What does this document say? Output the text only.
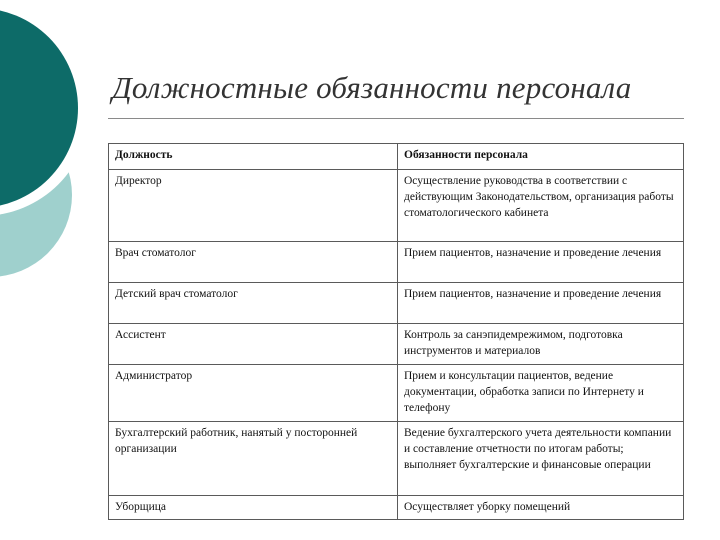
Должностные обязанности персонала
Должность	Обязанности персонала
Директор	Осуществление руководства в соответствии с действующим Законодательством, организация работы стоматологического кабинета
Врач стоматолог	Прием пациентов, назначение и проведение лечения
Детский врач стоматолог	Прием пациентов, назначение и проведение лечения
Ассистент	Контроль за санэпидемрежимом, подготовка инструментов и материалов
Администратор	Прием и консультации пациентов, ведение документации, обработка записи по Интернету и телефону
Бухгалтерский работник, нанятый у посторонней организации	Ведение бухгалтерского учета деятельности компании и составление отчетности по итогам работы; выполняет бухгалтерские и финансовые операции
Уборщица	Осуществляет уборку помещений
